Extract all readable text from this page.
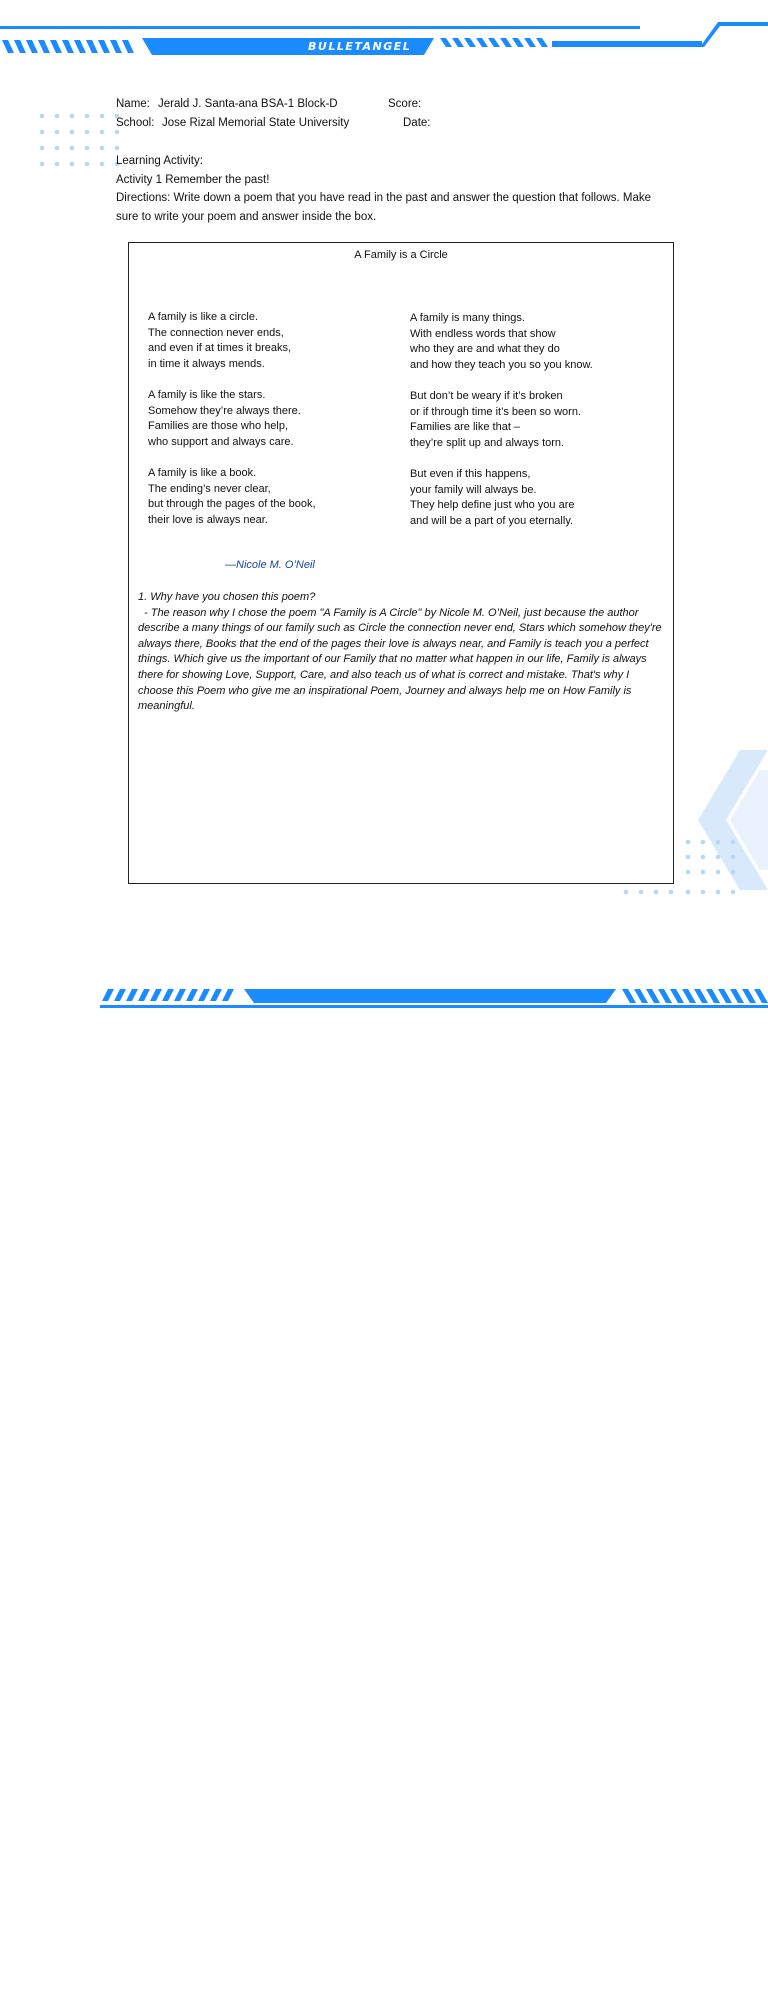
BULLETANGEL
Name: Jerald J. Santa-ana BSA-1 Block-D	Score:
School: Jose Rizal Memorial State University	Date:
Learning Activity:
Activity 1 Remember the past!
Directions: Write down a poem that you have read in the past and answer the question that follows. Make sure to write your poem and answer inside the box.
A Family is a Circle
A family is like a circle.
The connection never ends,
and even if at times it breaks,
in time it always mends.
A family is like the stars.
Somehow they’re always there.
Families are those who help,
who support and always care.
A family is like a book.
The ending’s never clear,
but through the pages of the book,
their love is always near.
A family is many things.
With endless words that show
who they are and what they do
and how they teach you so you know.
But don’t be weary if it’s broken
or if through time it’s been so worn.
Families are like that –
they’re split up and always torn.
But even if this happens,
your family will always be.
They help define just who you are
and will be a part of you eternally.
—Nicole M. O’Neil
1. Why have you chosen this poem?
- The reason why I chose the poem "A Family is A Circle" by Nicole M. O’Neil, just because the author describe a many things of our family such as Circle the connection never end, Stars which somehow they're always there, Books that the end of the pages their love is always near, and Family is teach you a perfect things. Which give us the important of our Family that no matter what happen in our life, Family is always there for showing Love, Support, Care, and also teach us of what is correct and mistake. That's why I choose this Poem who give me an inspirational Poem, Journey and always help me on How Family is meaningful.
BULLETANGEL
